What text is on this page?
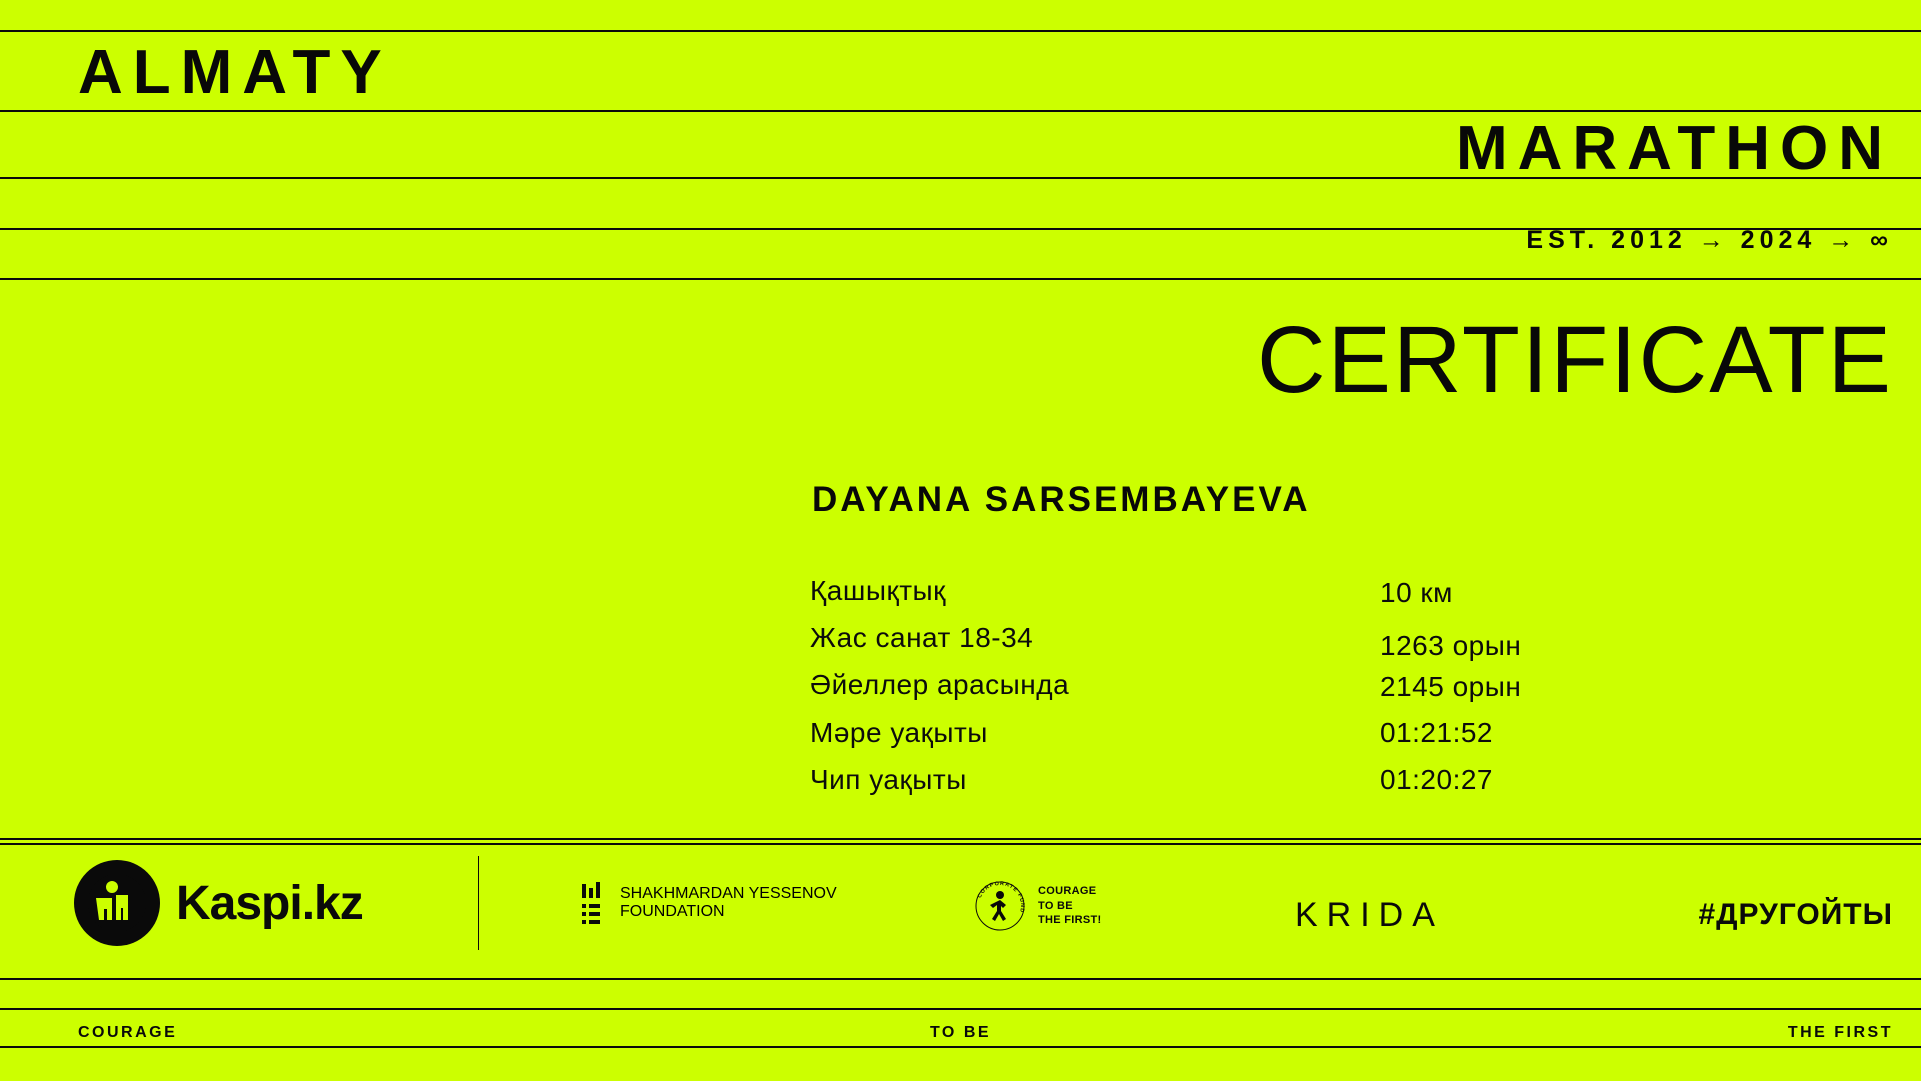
ALMATY
MARATHON
EST. 2012 → 2024 → ∞
CERTIFICATE
DAYANA SARSEMBAYEVA
Қашықтық	10 км
Жас санат 18-34	1263 орын
Әйеллер арасында	2145 орын
Мәре уақыты	01:21:52
Чип уақыты	01:20:27
Kaspi.kz	SHAKHMARDAN YESSENOV
FOUNDATION
CORPORATE FUND
COURAGE
TO BE
THE FIRST!	KRIDA	#ДРУГОЙТЫ
COURAGE	TO BE	THE FIRST
